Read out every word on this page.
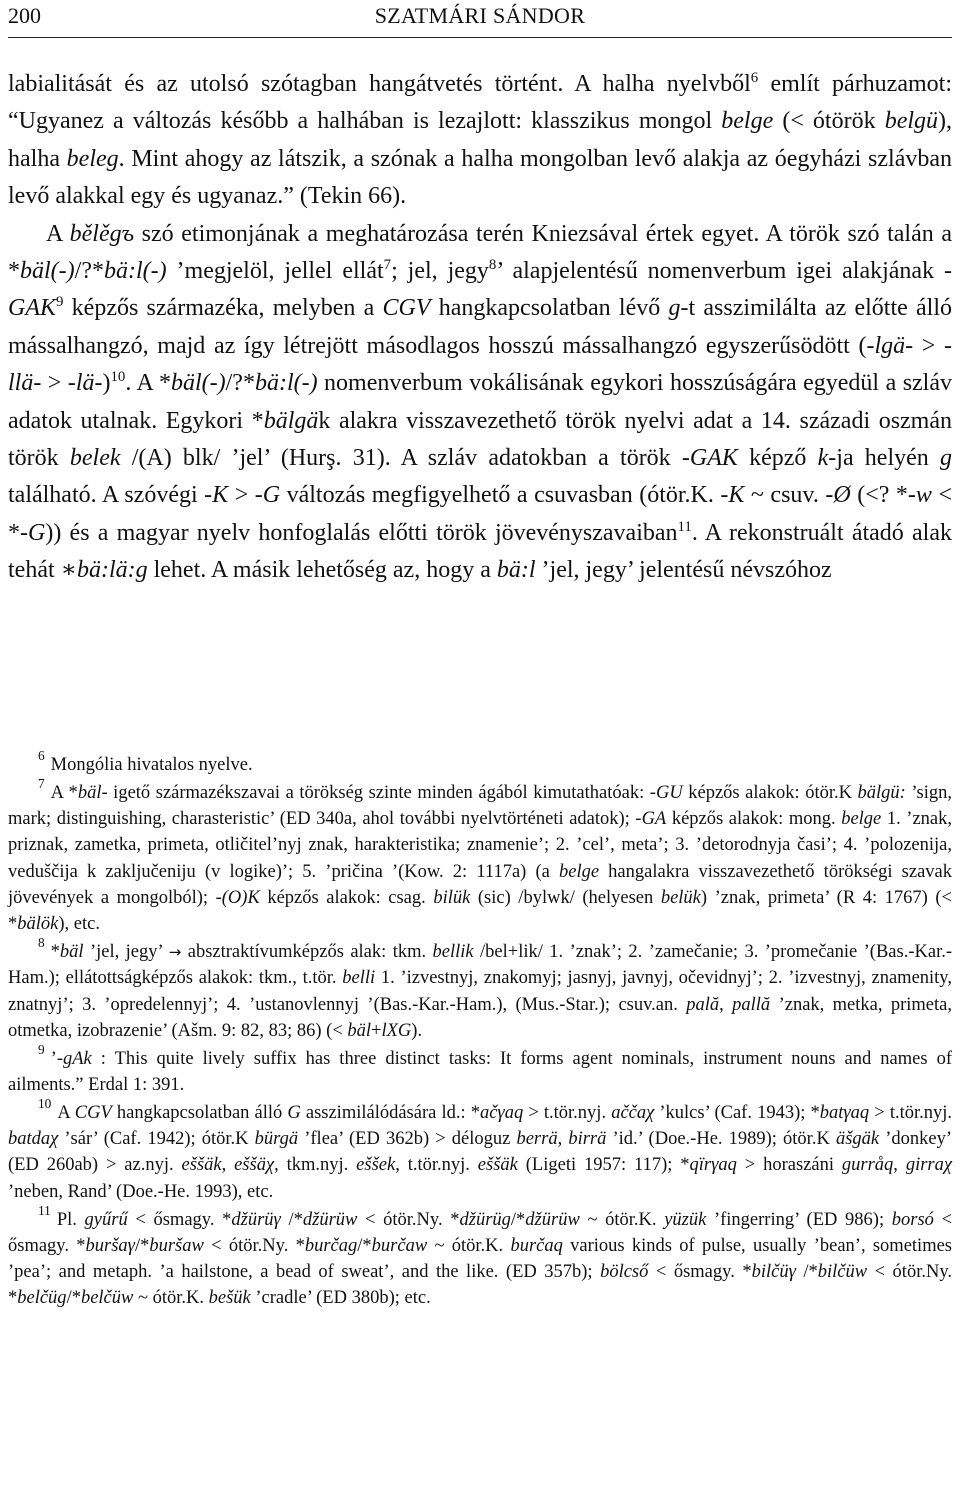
200	SZATMÁRI SÁNDOR

labialitását és az utolsó szótagban hangátvetés történt. A halha nyelvből$^6$ említ párhuzamot: “Ugyanez a változás később a halhában is lezajlott: klasszikus mongol belge (< ótörök belgü), halha beleg. Mint ahogy az látszik, a szónak a halha mongolban levő alakja az óegyházi szlávban levő alakkal egy és ugyanaz.” (Tekin 66).

A bělěgъ szó etimonjának a meghatározása terén Kniezsával értek egyet. A török szó talán a *bäl(-)/?*bä:l(-) ’megjelöl, jellel ellát$^7$; jel, jegy$^8$’ alapjelentésű nomenverbum igei alakjának -GAK$^9$ képzős származéka, melyben a CGV hangkapcsolatban lévő g-t asszimilálta az előtte álló mássalhangzó, majd az így létrejött másodlagos hosszú mássalhangzó egyszerűsödött (-lgä- > -llä- > -lä-)$^{10}$. A *bäl(-)/?*bä:l(-) nomenverbum vokálisának egykori hosszúságára egyedül a szláv adatok utalnak. Egykori *bälgäk alakra visszavezethető török nyelvi adat a 14. századi oszmán török belek /(A) blk/ ’jel’ (Hurş. 31). A szláv adatokban a török -GAK képző k-ja helyén g található. A szóvégi -K > -G változás megfigyelhető a csuvasban (ótör.K. -K ~ csuv. -Ø (<? *-w < *-G)) és a magyar nyelv honfoglalás előtti török jövevényszavaiban$^{11}$. A rekonstruált átadó alak tehát ∗bä:lä:g lehet. A másik lehetőség az, hogy a bä:l ’jel, jegy’ jelentésű névszóhoz

$^6$ Mongólia hivatalos nyelve.

$^7$ A *bäl- igető származékszavai a törökség szinte minden ágából kimutathatóak: -GU képzős alakok: ótör.K bälgü: ’sign, mark; distinguishing, charasteristic’ (ED 340a, ahol további nyelvtörténeti adatok); -GA képzős alakok: mong. belge 1. ’znak, priznak, zametka, primeta, otličitel’nyj znak, harakteristika; znamenie’; 2. ’cel’, meta’; 3. ’detorodnyja časi’; 4. ’polozenija, veduščija k zaključeniju (v logike)’; 5. ’pričina ’(Kow. 2: 1117a) (a belge hangalakra visszavezethető törökségi szavak jövevények a mongolból); -(O)K képzős alakok: csag. bilük (sic) /bylwk/ (helyesen belük) ’znak, primeta’ (R 4: 1767) (< *bälök), etc.

$^8$ *bäl ’jel, jegy’ → absztraktívumképzős alak: tkm. bellik /bel+lik/ 1. ’znak’; 2. ’zamečanie; 3. ’promečanie ’(Bas.-Kar.-Ham.); ellátottságképzős alakok: tkm., t.tör. belli 1. ’izvestnyj, znakomyj; jasnyj, javnyj, očevidnyj’; 2. ’izvestnyj, znamenity, znatnyj’; 3. ’opredelennyj’; 4. ’ustanovlennyj ’(Bas.-Kar.-Ham.), (Mus.-Star.); csuv.an. pală, pallă ’znak, metka, primeta, otmetka, izobrazenie’ (Ašm. 9: 82, 83; 86) (< bäl+lXG).

$^9$ ’-gAk : This quite lively suffix has three distinct tasks: It forms agent nominals, instrument nouns and names of ailments.” Erdal 1: 391.

$^{10}$ A CGV hangkapcsolatban álló G asszimilálódására ld.: *ačγaq > t.tör.nyj. aččaχ ’kulcs’ (Caf. 1943); *batγaq > t.tör.nyj. batdaχ ’sár’ (Caf. 1942); ótör.K bürgä ’flea’ (ED 362b) > déloguz berrä, birrä ’id.’ (Doe.-He. 1989); ótör.K äšgäk ’donkey’ (ED 260ab) > az.nyj. eššäk, eššäχ, tkm.nyj. eššek, t.tör.nyj. eššäk (Ligeti 1957: 117); *qïrγaq > horaszáni gurråq, girraχ ’neben, Rand’ (Doe.-He. 1993), etc.

$^{11}$ Pl. gyűrű < ősmagy. *džürüγ /*džürüw < ótör.Ny. *džürüg/*džürüw ~ ótör.K. yüzük ’fingerring’ (ED 986); borsó < ősmagy. *buršaγ/*buršaw < ótör.Ny. *burčag/*burčaw ~ ótör.K. burčaq various kinds of pulse, usually ’bean’, sometimes ’pea’; and metaph. ’a hailstone, a bead of sweat’, and the like. (ED 357b); bölcső < ősmagy. *bilčüγ /*bilčüw < ótör.Ny. *belčüg/*belčüw ~ ótör.K. bešük ’cradle’ (ED 380b); etc.
